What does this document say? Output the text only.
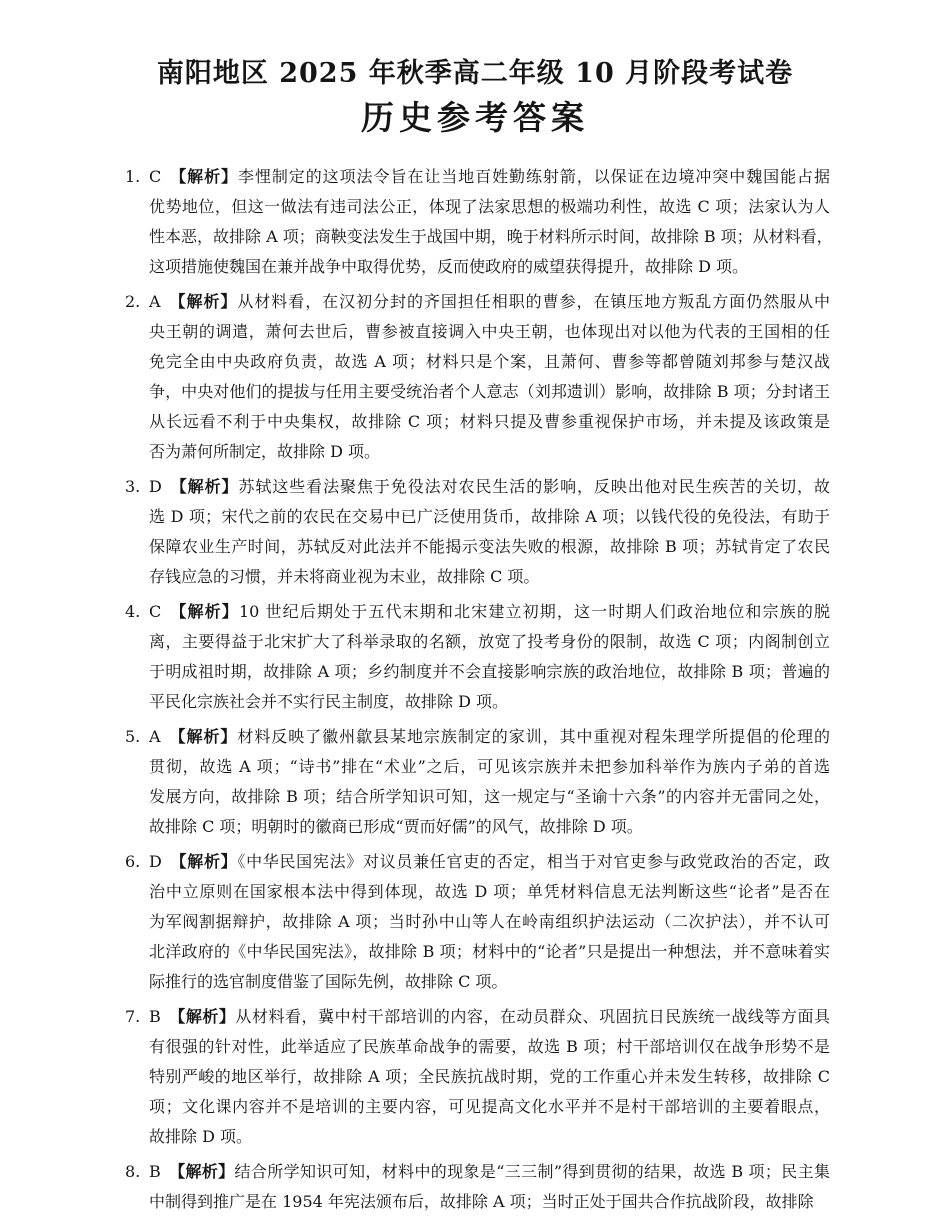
南阳地区 2025 年秋季高二年级 10 月阶段考试卷
历史参考答案
1. C 【解析】李悝制定的这项法令旨在让当地百姓勤练射箭，以保证在边境冲突中魏国能占据
优势地位，但这一做法有违司法公正，体现了法家思想的极端功利性，故选 C 项；法家认为人
性本恶，故排除 A 项；商鞅变法发生于战国中期，晚于材料所示时间，故排除 B 项；从材料看，
这项措施使魏国在兼并战争中取得优势，反而使政府的威望获得提升，故排除 D 项。
2. A 【解析】从材料看，在汉初分封的齐国担任相职的曹参，在镇压地方叛乱方面仍然服从中
央王朝的调遣，萧何去世后，曹参被直接调入中央王朝，也体现出对以他为代表的王国相的任
免完全由中央政府负责，故选 A 项；材料只是个案，且萧何、曹参等都曾随刘邦参与楚汉战
争，中央对他们的提拔与任用主要受统治者个人意志（刘邦遗训）影响，故排除 B 项；分封诸王
从长远看不利于中央集权，故排除 C 项；材料只提及曹参重视保护市场，并未提及该政策是
否为萧何所制定，故排除 D 项。
3. D 【解析】苏轼这些看法聚焦于免役法对农民生活的影响，反映出他对民生疾苦的关切，故
选 D 项；宋代之前的农民在交易中已广泛使用货币，故排除 A 项；以钱代役的免役法，有助于
保障农业生产时间，苏轼反对此法并不能揭示变法失败的根源，故排除 B 项；苏轼肯定了农民
存钱应急的习惯，并未将商业视为末业，故排除 C 项。
4. C 【解析】10 世纪后期处于五代末期和北宋建立初期，这一时期人们政治地位和宗族的脱
离，主要得益于北宋扩大了科举录取的名额，放宽了投考身份的限制，故选 C 项；内阁制创立
于明成祖时期，故排除 A 项；乡约制度并不会直接影响宗族的政治地位，故排除 B 项；普遍的
平民化宗族社会并不实行民主制度，故排除 D 项。
5. A 【解析】材料反映了徽州歙县某地宗族制定的家训，其中重视对程朱理学所提倡的伦理的
贯彻，故选 A 项；“诗书”排在“术业”之后，可见该宗族并未把参加科举作为族内子弟的首选
发展方向，故排除 B 项；结合所学知识可知，这一规定与“圣谕十六条”的内容并无雷同之处，
故排除 C 项；明朝时的徽商已形成“贾而好儒”的风气，故排除 D 项。
6. D 【解析】《中华民国宪法》对议员兼任官吏的否定，相当于对官吏参与政党政治的否定，政
治中立原则在国家根本法中得到体现，故选 D 项；单凭材料信息无法判断这些“论者”是否在
为军阀割据辩护，故排除 A 项；当时孙中山等人在岭南组织护法运动（二次护法），并不认可
北洋政府的《中华民国宪法》，故排除 B 项；材料中的“论者”只是提出一种想法，并不意味着实
际推行的选官制度借鉴了国际先例，故排除 C 项。
7. B 【解析】从材料看，冀中村干部培训的内容，在动员群众、巩固抗日民族统一战线等方面具
有很强的针对性，此举适应了民族革命战争的需要，故选 B 项；村干部培训仅在战争形势不是
特别严峻的地区举行，故排除 A 项；全民族抗战时期，党的工作重心并未发生转移，故排除 C
项；文化课内容并不是培训的主要内容，可见提高文化水平并不是村干部培训的主要着眼点，
故排除 D 项。
8. B 【解析】结合所学知识可知，材料中的现象是“三三制”得到贯彻的结果，故选 B 项；民主集
中制得到推广是在 1954 年宪法颁布后，故排除 A 项；当时正处于国共合作抗战阶段，故排除
